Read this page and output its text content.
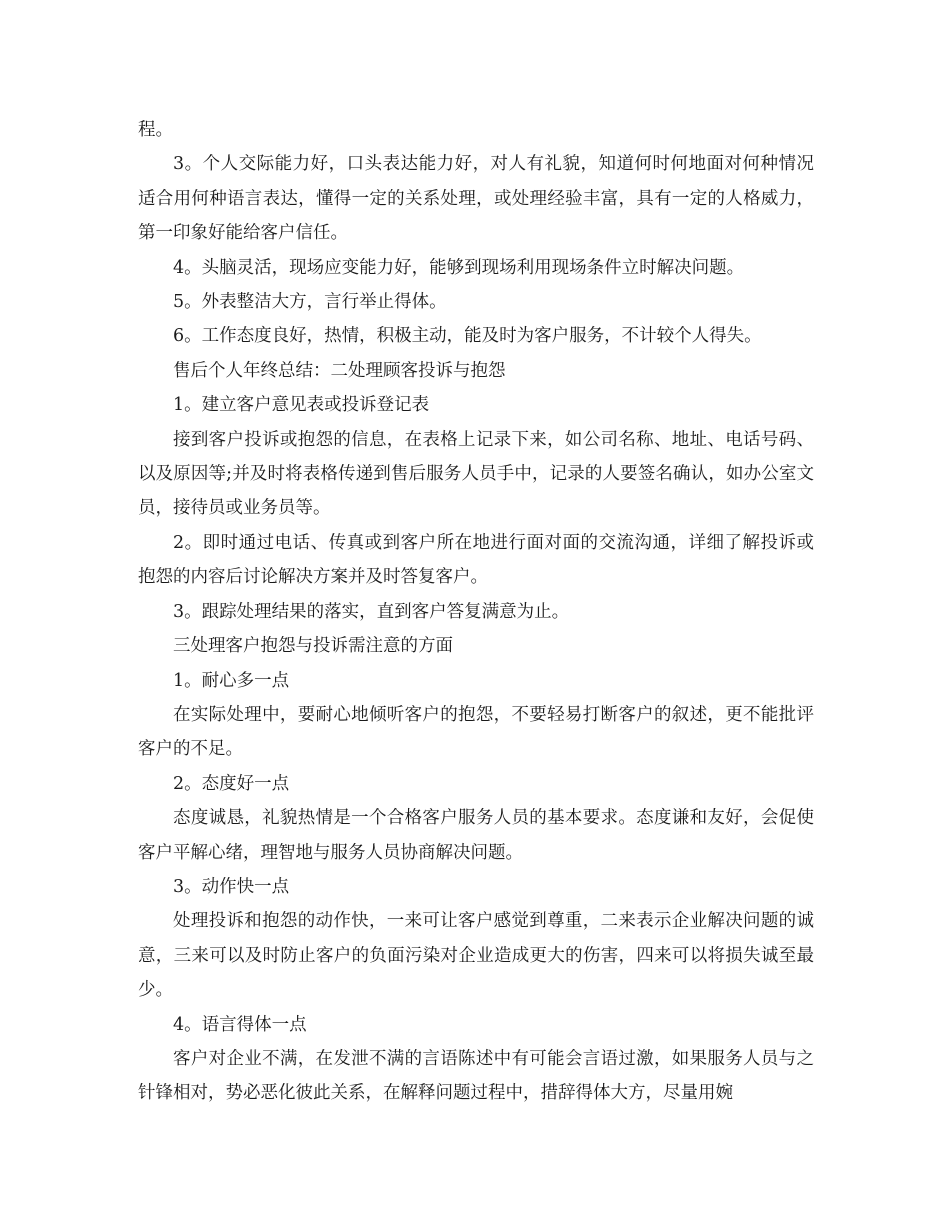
程。

3。个人交际能力好，口头表达能力好，对人有礼貌，知道何时何地面对何种情况适合用何种语言表达，懂得一定的关系处理，或处理经验丰富，具有一定的人格威力，第一印象好能给客户信任。

4。头脑灵活，现场应变能力好，能够到现场利用现场条件立时解决问题。

5。外表整洁大方，言行举止得体。

6。工作态度良好，热情，积极主动，能及时为客户服务，不计较个人得失。

售后个人年终总结：二处理顾客投诉与抱怨

1。建立客户意见表或投诉登记表

接到客户投诉或抱怨的信息，在表格上记录下来，如公司名称、地址、电话号码、以及原因等;并及时将表格传递到售后服务人员手中，记录的人要签名确认，如办公室文员，接待员或业务员等。

2。即时通过电话、传真或到客户所在地进行面对面的交流沟通，详细了解投诉或抱怨的内容后讨论解决方案并及时答复客户。

3。跟踪处理结果的落实，直到客户答复满意为止。

三处理客户抱怨与投诉需注意的方面

1。耐心多一点

在实际处理中，要耐心地倾听客户的抱怨，不要轻易打断客户的叙述，更不能批评客户的不足。

2。态度好一点

态度诚恳，礼貌热情是一个合格客户服务人员的基本要求。态度谦和友好，会促使客户平解心绪，理智地与服务人员协商解决问题。

3。动作快一点

处理投诉和抱怨的动作快，一来可让客户感觉到尊重，二来表示企业解决问题的诚意，三来可以及时防止客户的负面污染对企业造成更大的伤害，四来可以将损失诚至最少。

4。语言得体一点

客户对企业不满，在发泄不满的言语陈述中有可能会言语过激，如果服务人员与之针锋相对，势必恶化彼此关系，在解释问题过程中，措辞得体大方，尽量用婉
